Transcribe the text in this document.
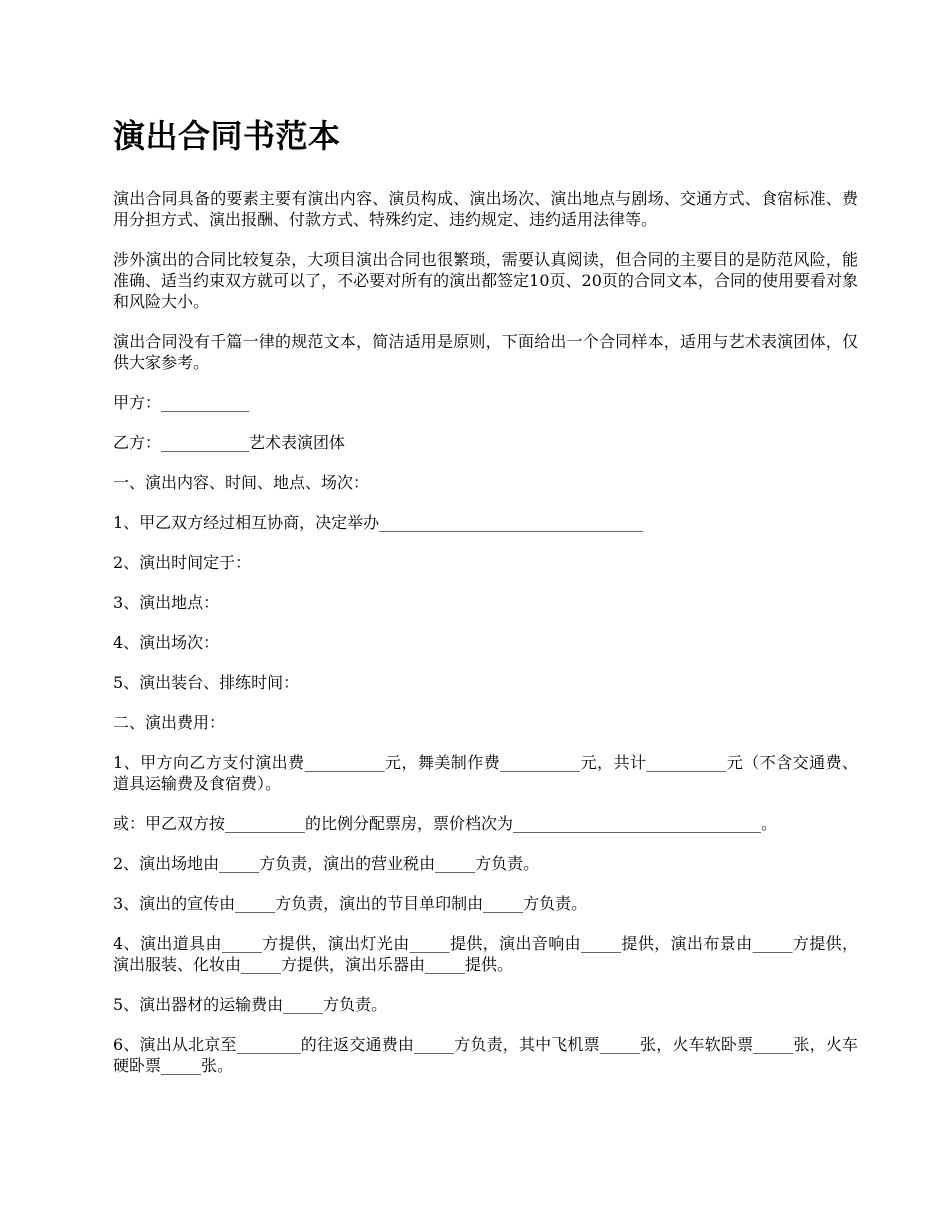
演出合同书范本

演出合同具备的要素主要有演出内容、演员构成、演出场次、演出地点与剧场、交通方式、食宿标准、费用分担方式、演出报酬、付款方式、特殊约定、违约规定、违约适用法律等。

涉外演出的合同比较复杂，大项目演出合同也很繁琐，需要认真阅读，但合同的主要目的是防范风险，能准确、适当约束双方就可以了，不必要对所有的演出都签定10页、20页的合同文本，合同的使用要看对象和风险大小。

演出合同没有千篇一律的规范文本，简洁适用是原则，下面给出一个合同样本，适用与艺术表演团体，仅供大家参考。

甲方：___________

乙方：___________艺术表演团体

一、演出内容、时间、地点、场次：

1、甲乙双方经过相互协商，决定举办_________________________________

2、演出时间定于：

3、演出地点：

4、演出场次：

5、演出装台、排练时间：

二、演出费用：

1、甲方向乙方支付演出费__________元，舞美制作费__________元，共计__________元（不含交通费、道具运输费及食宿费）。

或：甲乙双方按__________的比例分配票房，票价档次为_______________________________。

2、演出场地由_____方负责，演出的营业税由_____方负责。

3、演出的宣传由_____方负责，演出的节目单印制由_____方负责。

4、演出道具由_____方提供，演出灯光由_____提供，演出音响由_____提供，演出布景由_____方提供，演出服装、化妆由_____方提供，演出乐器由_____提供。

5、演出器材的运输费由_____方负责。

6、演出从北京至________的往返交通费由_____方负责，其中飞机票_____张，火车软卧票_____张，火车硬卧票_____张。
